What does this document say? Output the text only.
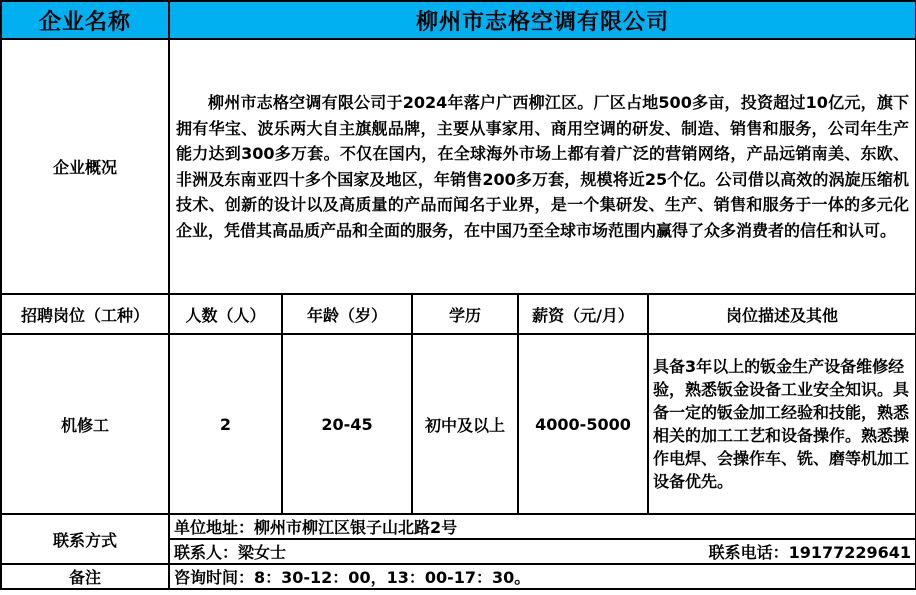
企业名称	柳州市志格空调有限公司				
企业概况	柳州市志格空调有限公司于2024年落户广西柳江区。厂区占地500多亩，投资超过10亿元，旗下拥有华宝、波乐两大自主旗舰品牌，主要从事家用、商用空调的研发、制造、销售和服务，公司年生产能力达到300多万套。不仅在国内，在全球海外市场上都有着广泛的营销网络，产品远销南美、东欧、非洲及东南亚四十多个国家及地区，年销售200多万套，规模将近25个亿。公司借以高效的涡旋压缩机技术、创新的设计以及高质量的产品而闻名于业界，是一个集研发、生产、销售和服务于一体的多元化企业，凭借其高品质产品和全面的服务，在中国乃至全球市场范围内赢得了众多消费者的信任和认可。				
招聘岗位（工种）	人数（人）	年龄（岁）	学历	薪资（元/月）	岗位描述及其他
机修工	2	20-45	初中及以上	4000-5000	具备3年以上的钣金生产设备维修经验，熟悉钣金设备工业安全知识。具备一定的钣金加工经验和技能，熟悉相关的加工工艺和设备操作。熟悉操作电焊、会操作车、铣、磨等机加工设备优先。
联系方式	单位地址：柳州市柳江区银子山北路2号				

	联系人：梁女士 联系电话：19177229641				

备注	咨询时间：8：30-12：00，13：00-17：30。				
